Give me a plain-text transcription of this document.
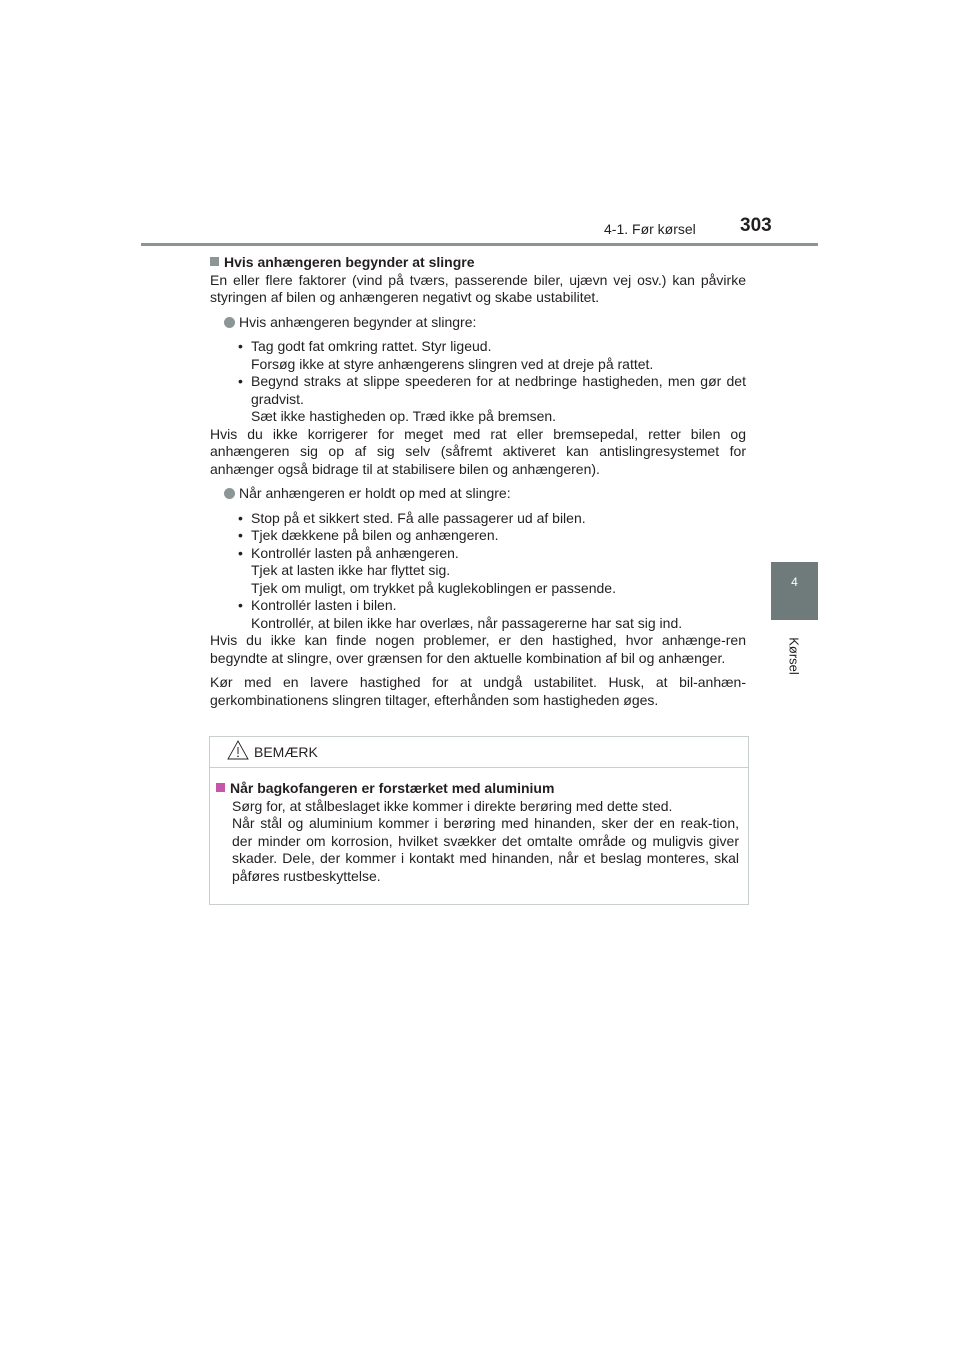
4-1. Før kørsel 303
4
Kørsel

Hvis anhængeren begynder at slingre

En eller flere faktorer (vind på tværs, passerende biler, ujævn vej osv.) kan påvirke styringen af bilen og anhængeren negativt og skabe ustabilitet.

Hvis anhængeren begynder at slingre:

• Tag godt fat omkring rattet. Styr ligeud.
Forsøg ikke at styre anhængerens slingren ved at dreje på rattet.
• Begynd straks at slippe speederen for at nedbringe hastigheden, men gør det gradvist.
Sæt ikke hastigheden op. Træd ikke på bremsen.

Hvis du ikke korrigerer for meget med rat eller bremsepedal, retter bilen og anhængeren sig op af sig selv (såfremt aktiveret kan antislingresystemet for anhænger også bidrage til at stabilisere bilen og anhængeren).

Når anhængeren er holdt op med at slingre:

• Stop på et sikkert sted. Få alle passagerer ud af bilen.
• Tjek dækkene på bilen og anhængeren.
• Kontrollér lasten på anhængeren.
Tjek at lasten ikke har flyttet sig.
Tjek om muligt, om trykket på kuglekoblingen er passende.
• Kontrollér lasten i bilen.
Kontrollér, at bilen ikke har overlæs, når passagererne har sat sig ind.

Hvis du ikke kan finde nogen problemer, er den hastighed, hvor anhænge-ren begyndte at slingre, over grænsen for den aktuelle kombination af bil og anhænger.

Kør med en lavere hastighed for at undgå ustabilitet. Husk, at bil-anhæn-gerkombinationens slingren tiltager, efterhånden som hastigheden øges.

BEMÆRK

Når bagkofangeren er forstærket med aluminium

Sørg for, at stålbeslaget ikke kommer i direkte berøring med dette sted.

Når stål og aluminium kommer i berøring med hinanden, sker der en reak-tion, der minder om korrosion, hvilket svækker det omtalte område og muligvis giver skader. Dele, der kommer i kontakt med hinanden, når et beslag monteres, skal påføres rustbeskyttelse.
